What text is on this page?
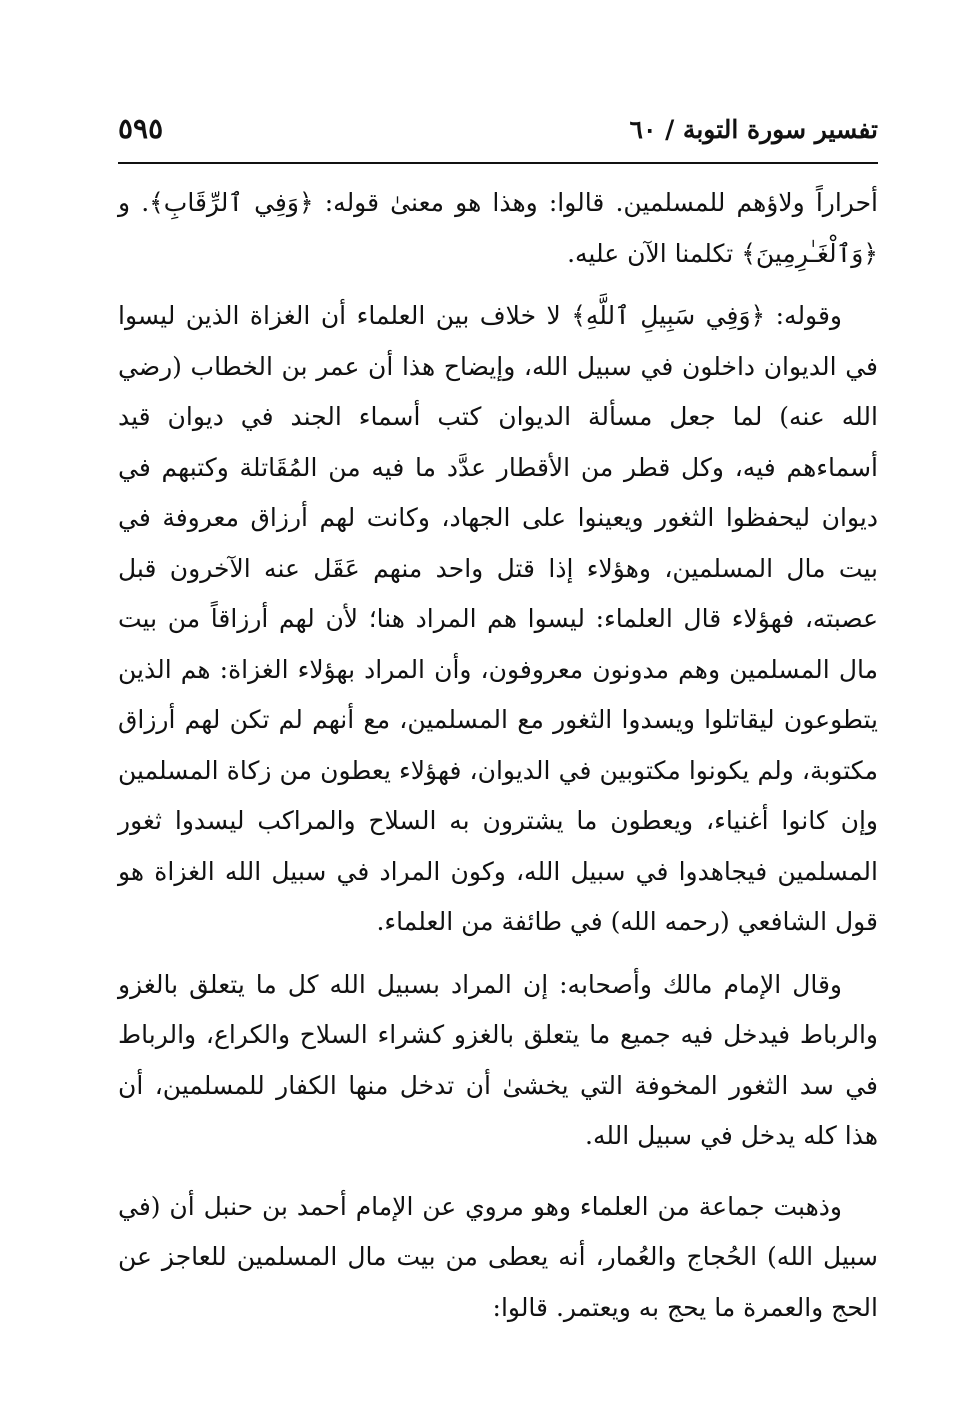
تفسير سورة التوبة / ٦٠
٥٩٥

أحراراً ولاؤهم للمسلمين. قالوا: وهذا هو معنىٰ قوله: ﴿وَفِي ٱلرِّقَابِ﴾. و ﴿وَٱلْغَـٰرِمِينَ﴾ تكلمنا الآن عليه.

وقوله: ﴿وَفِي سَبِيلِ ٱللَّهِ﴾ لا خلاف بين العلماء أن الغزاة الذين ليسوا في الديوان داخلون في سبيل الله، وإيضاح هذا أن عمر بن الخطاب (رضي الله عنه) لما جعل مسألة الديوان كتب أسماء الجند في ديوان قيد أسماءهم فيه، وكل قطر من الأقطار عدَّد ما فيه من المُقَاتلة وكتبهم في ديوان ليحفظوا الثغور ويعينوا على الجهاد، وكانت لهم أرزاق معروفة في بيت مال المسلمين، وهؤلاء إذا قتل واحد منهم عَقَل عنه الآخرون قبل عصبته، فهؤلاء قال العلماء: ليسوا هم المراد هنا؛ لأن لهم أرزاقاً من بيت مال المسلمين وهم مدونون معروفون، وأن المراد بهؤلاء الغزاة: هم الذين يتطوعون ليقاتلوا ويسدوا الثغور مع المسلمين، مع أنهم لم تكن لهم أرزاق مكتوبة، ولم يكونوا مكتوبين في الديوان، فهؤلاء يعطون من زكاة المسلمين وإن كانوا أغنياء، ويعطون ما يشترون به السلاح والمراكب ليسدوا ثغور المسلمين فيجاهدوا في سبيل الله، وكون المراد في سبيل الله الغزاة هو قول الشافعي (رحمه الله) في طائفة من العلماء.

وقال الإمام مالك وأصحابه: إن المراد بسبيل الله كل ما يتعلق بالغزو والرباط فيدخل فيه جميع ما يتعلق بالغزو كشراء السلاح والكراع، والرباط في سد الثغور المخوفة التي يخشىٰ أن تدخل منها الكفار للمسلمين، أن هذا كله يدخل في سبيل الله.

وذهبت جماعة من العلماء وهو مروي عن الإمام أحمد بن حنبل أن (في سبيل الله) الحُجاج والعُمار، أنه يعطى من بيت مال المسلمين للعاجز عن الحج والعمرة ما يحج به ويعتمر. قالوا:
